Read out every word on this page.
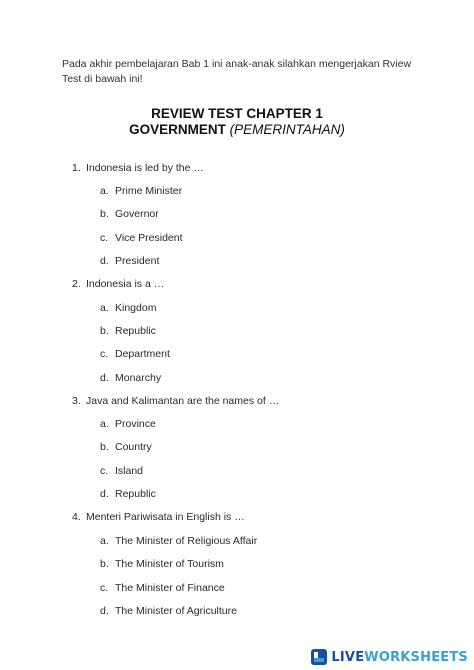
Pada akhir pembelajaran Bab 1 ini anak-anak silahkan mengerjakan Rview Test di bawah ini!
REVIEW TEST CHAPTER 1
GOVERNMENT (PEMERINTAHAN)
1. Indonesia is led by the …
a. Prime Minister
b. Governor
c. Vice President
d. President
2. Indonesia is a …
a. Kingdom
b. Republic
c. Department
d. Monarchy
3. Java and Kalimantan are the names of …
a. Province
b. Country
c. Island
d. Republic
4. Menteri Pariwisata in English is …
a. The Minister of Religious Affair
b. The Minister of Tourism
c. The Minister of Finance
d. The Minister of Agriculture
LIVEWORKSHEETS
